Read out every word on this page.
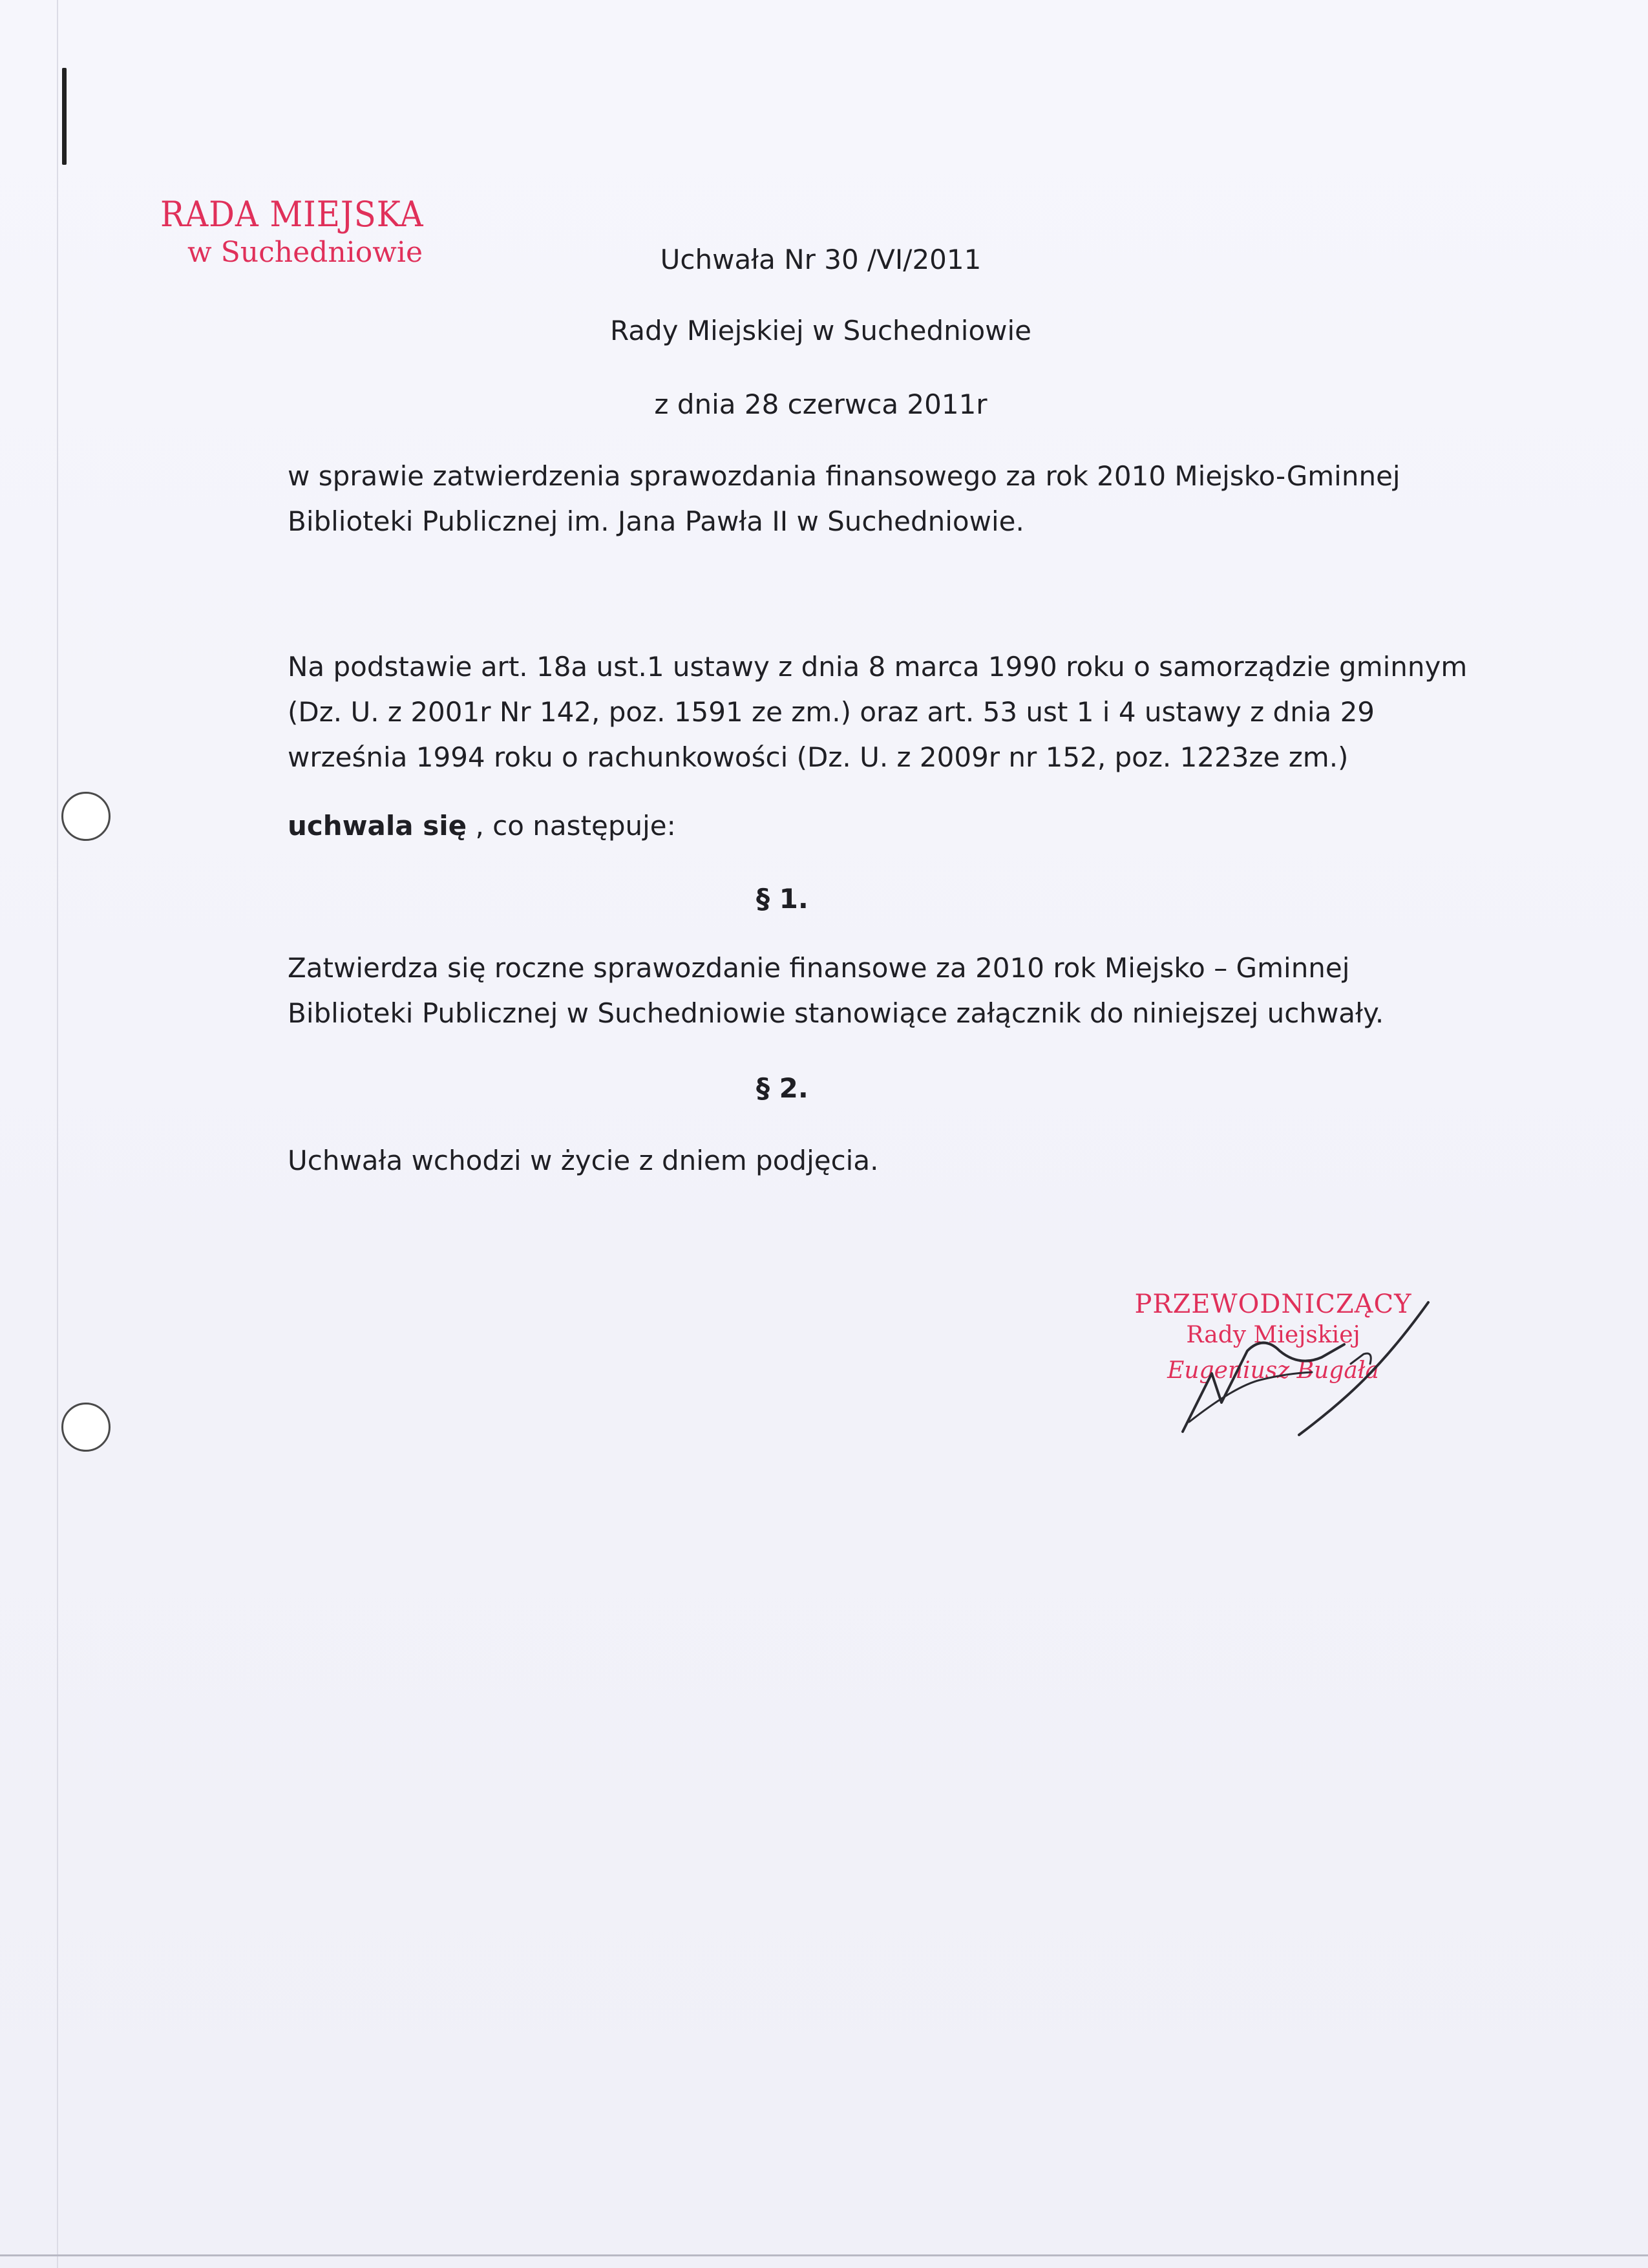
RADA MIEJSKA
w Suchedniowie	Uchwała Nr 30 /VI/2011
Rady Miejskiej w Suchedniowie
z dnia 28 czerwca 2011r
w sprawie zatwierdzenia sprawozdania finansowego za rok 2010 Miejsko-Gminnej
Biblioteki Publicznej im. Jana Pawła II w Suchedniowie.
Na podstawie art. 18a ust.1 ustawy z dnia 8 marca 1990 roku o samorządzie gminnym
(Dz. U. z 2001r Nr 142, poz. 1591 ze zm.) oraz art. 53 ust 1 i 4 ustawy z dnia 29
września 1994 roku o rachunkowości (Dz. U. z 2009r nr 152, poz. 1223ze zm.)
uchwala się , co następuje:
§ 1.
Zatwierdza się roczne sprawozdanie finansowe za 2010 rok Miejsko – Gminnej
Biblioteki Publicznej w Suchedniowie stanowiące załącznik do niniejszej uchwały.
§ 2.
Uchwała wchodzi w życie z dniem podjęcia.
PRZEWODNICZĄCY
Rady Miejskiej
Eugeniusz Bugała
